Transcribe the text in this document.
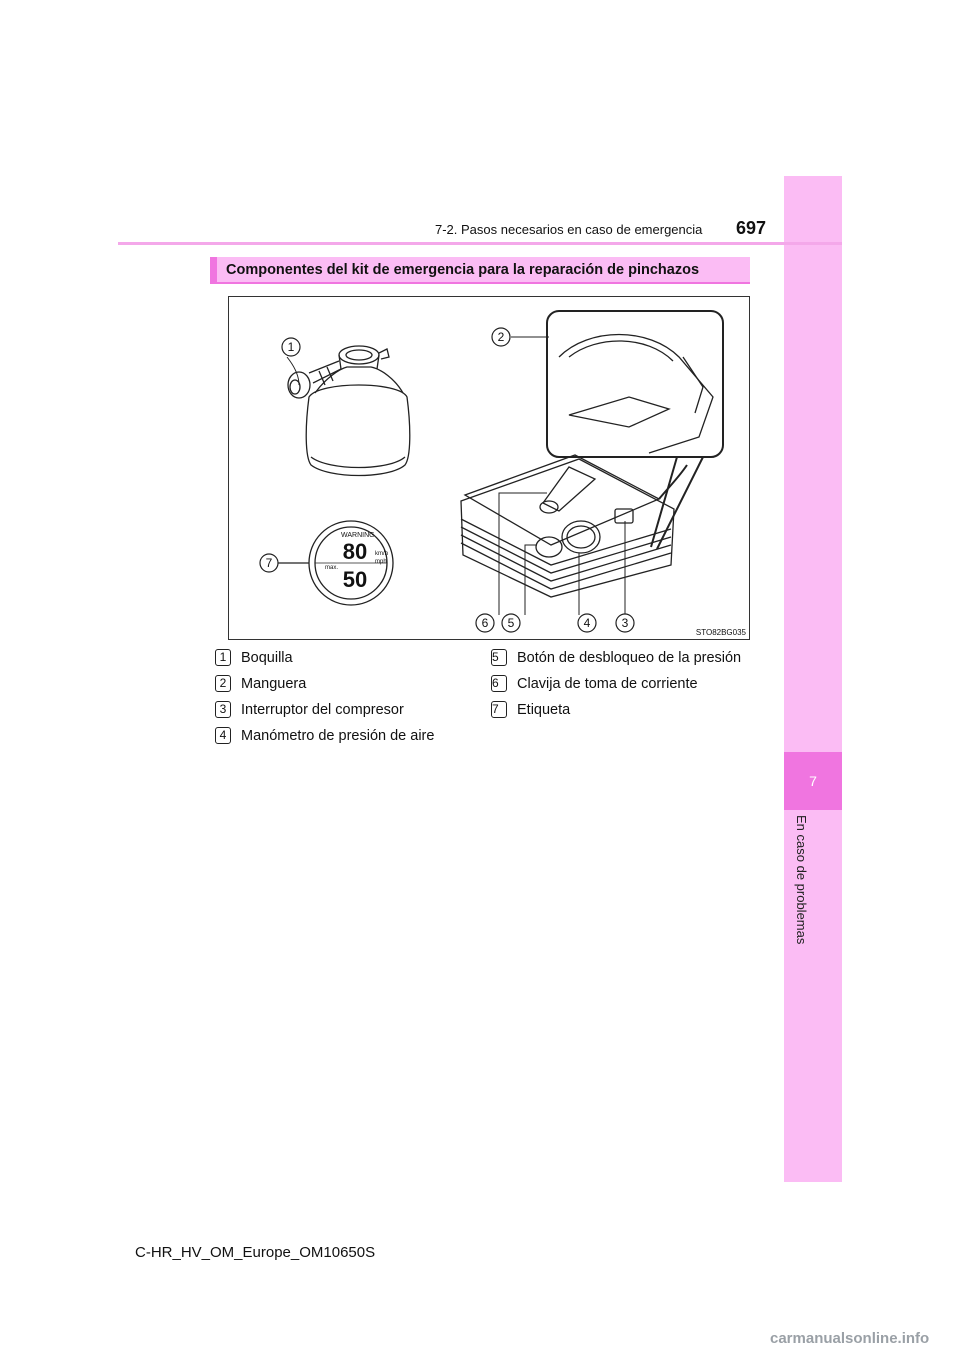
7
En caso de problemas
7-2. Pasos necesarios en caso de emergencia 697
Componentes del kit de emergencia para la reparación de pinchazos
1
2
3
4
5
6
7	80
50
km/h
mph
max.
WARNING
STO82BG035
1	Boquilla
2	Manguera
3	Interruptor del compresor
4	Manómetro de presión de aire
5	Botón de desbloqueo de la presión
6	Clavija de toma de corriente
7	Etiqueta
C-HR_HV_OM_Europe_OM10650S
carmanualsonline.info
